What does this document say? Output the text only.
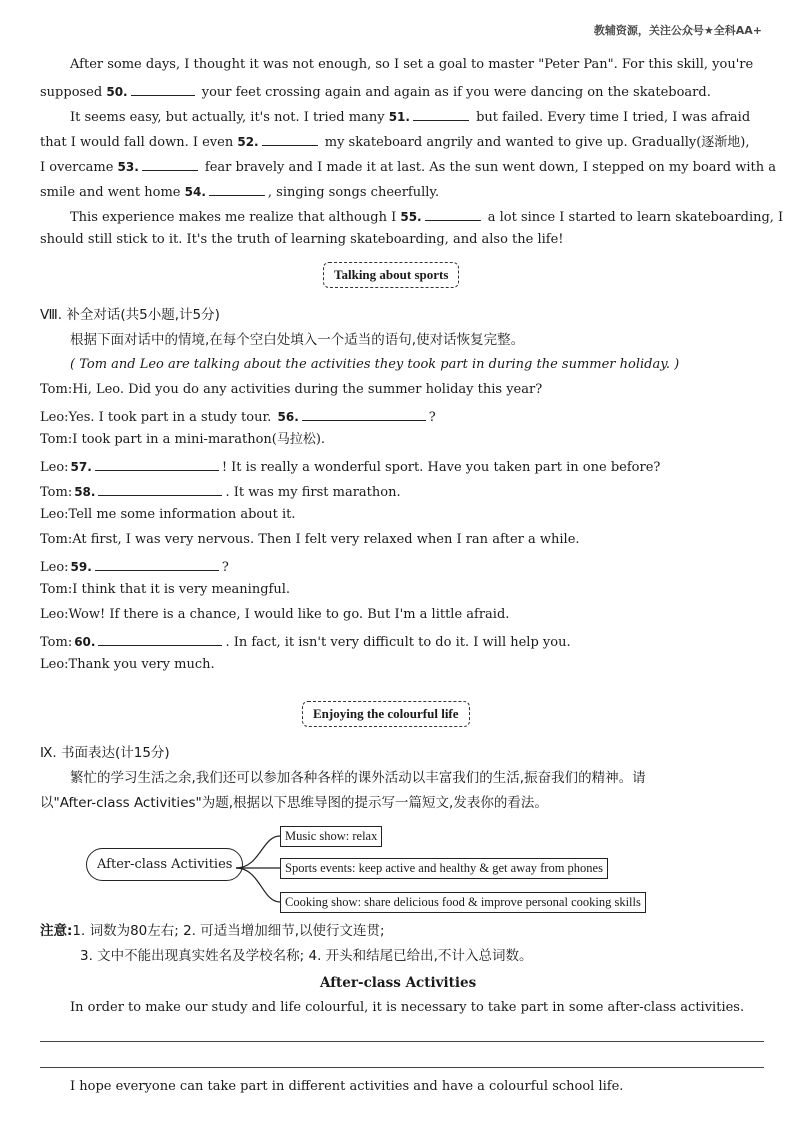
教辅资源，关注公众号★全科AA+
After some days, I thought it was not enough, so I set a goal to master "Peter Pan". For this skill, you're
supposed 50.	your feet crossing again and again as if you were dancing on the skateboard.
It seems easy, but actually, it's not. I tried many 51.	but failed. Every time I tried, I was afraid
that I would fall down. I even 52.	my skateboard angrily and wanted to give up. Gradually(逐渐地),
I overcame 53.	fear bravely and I made it at last. As the sun went down, I stepped on my board with a
smile and went home 54.	, singing songs cheerfully.
This experience makes me realize that although I 55.	a lot since I started to learn skateboarding, I
should still stick to it. It's the truth of learning skateboarding, and also the life!
Talking about sports
Ⅷ. 补全对话(共5小题,计5分)
根据下面对话中的情境,在每个空白处填入一个适当的语句,使对话恢复完整。
( Tom and Leo are talking about the activities they took part in during the summer holiday. )
Tom:Hi, Leo. Did you do any activities during the summer holiday this year?
Leo:Yes. I took part in a study tour. 56.	?
Tom:I took part in a mini-marathon(马拉松).
Leo: 57.	! It is really a wonderful sport. Have you taken part in one before?
Tom: 58.	. It was my first marathon.
Leo:Tell me some information about it.
Tom:At first, I was very nervous. Then I felt very relaxed when I ran after a while.
Leo: 59.	?
Tom:I think that it is very meaningful.
Leo:Wow! If there is a chance, I would like to go. But I'm a little afraid.
Tom: 60.	. In fact, it isn't very difficult to do it. I will help you.
Leo:Thank you very much.
Enjoying the colourful life
Ⅸ. 书面表达(计15分)
繁忙的学习生活之余,我们还可以参加各种各样的课外活动以丰富我们的生活,振奋我们的精神。请
以"After-class Activities"为题,根据以下思维导图的提示写一篇短文,发表你的看法。
After-class Activities
Music show: relax
Sports events: keep active and healthy & get away from phones
Cooking show: share delicious food & improve personal cooking skills
注意:1. 词数为80左右; 2. 可适当增加细节,以使行文连贯;
3. 文中不能出现真实姓名及学校名称; 4. 开头和结尾已给出,不计入总词数。
After-class Activities
In order to make our study and life colourful, it is necessary to take part in some after-class activities.
I hope everyone can take part in different activities and have a colourful school life.
